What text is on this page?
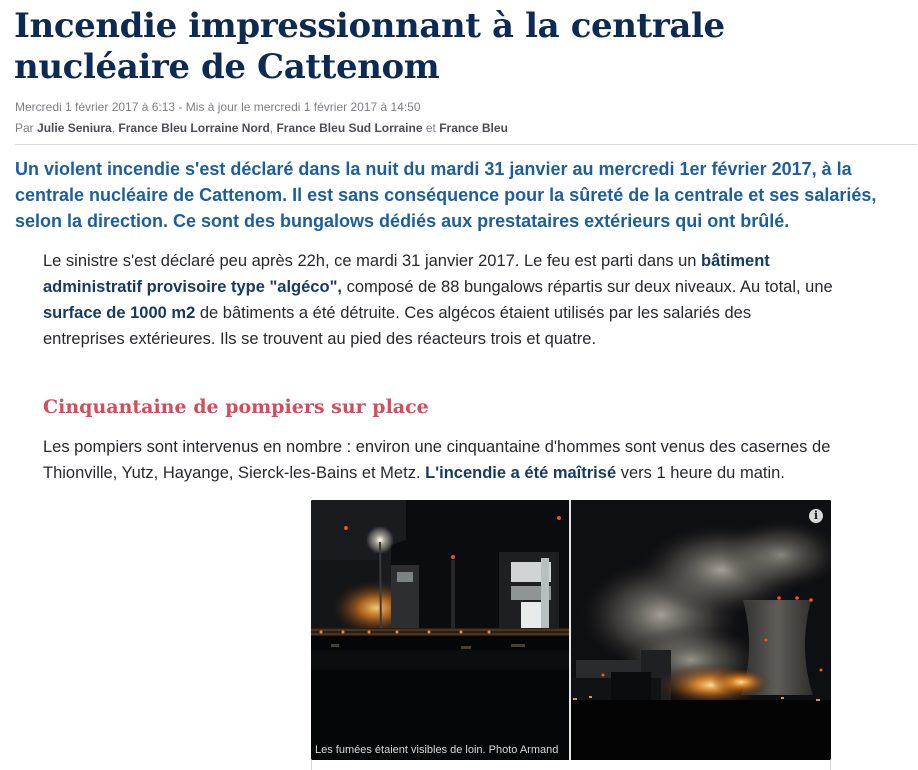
Incendie impressionnant à la centrale nucléaire de Cattenom
Mercredi 1 février 2017 à 6:13 - Mis à jour le mercredi 1 février 2017 à 14:50
Par Julie Seniura, France Bleu Lorraine Nord, France Bleu Sud Lorraine et France Bleu

Un violent incendie s'est déclaré dans la nuit du mardi 31 janvier au mercredi 1er février 2017, à la centrale nucléaire de Cattenom. Il est sans conséquence pour la sûreté de la centrale et ses salariés, selon la direction. Ce sont des bungalows dédiés aux prestataires extérieurs qui ont brûlé.

Le sinistre s'est déclaré peu après 22h, ce mardi 31 janvier 2017. Le feu est parti dans un bâtiment administratif provisoire type "algéco", composé de 88 bungalows répartis sur deux niveaux. Au total, une surface de 1000 m2 de bâtiments a été détruite. Ces algécos étaient utilisés par les salariés des entreprises extérieures. Ils se trouvent au pied des réacteurs trois et quatre.

Cinquantaine de pompiers sur place

Les pompiers sont intervenus en nombre : environ une cinquantaine d'hommes sont venus des casernes de Thionville, Yutz, Hayange, Sierck-les-Bains et Metz. L'incendie a été maîtrisé vers 1 heure du matin.

i
Les fumées étaient visibles de loin. Photo Armand
